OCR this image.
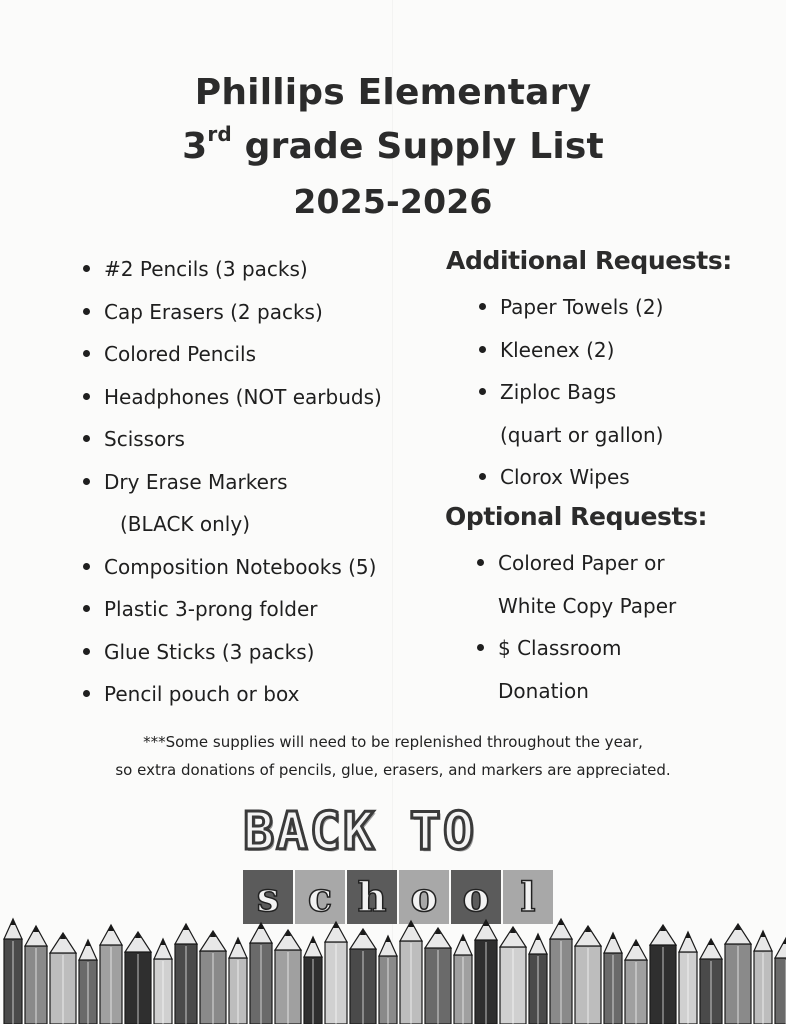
Phillips Elementary
3rd grade Supply List
2025-2026
#2 Pencils (3 packs)
Cap Erasers (2 packs)
Colored Pencils
Headphones (NOT earbuds)
Scissors
Dry Erase Markers
(BLACK only)
Composition Notebooks (5)
Plastic 3-prong folder
Glue Sticks (3 packs)
Pencil pouch or box
Additional Requests:
Paper Towels (2)
Kleenex (2)
Ziploc Bags
(quart or gallon)
Clorox Wipes
Optional Requests:
Colored Paper or
White Copy Paper
$ Classroom
Donation
***Some supplies will need to be replenished throughout the year,
so extra donations of pencils, glue, erasers, and markers are appreciated.
BACK TO
s c h o o l
